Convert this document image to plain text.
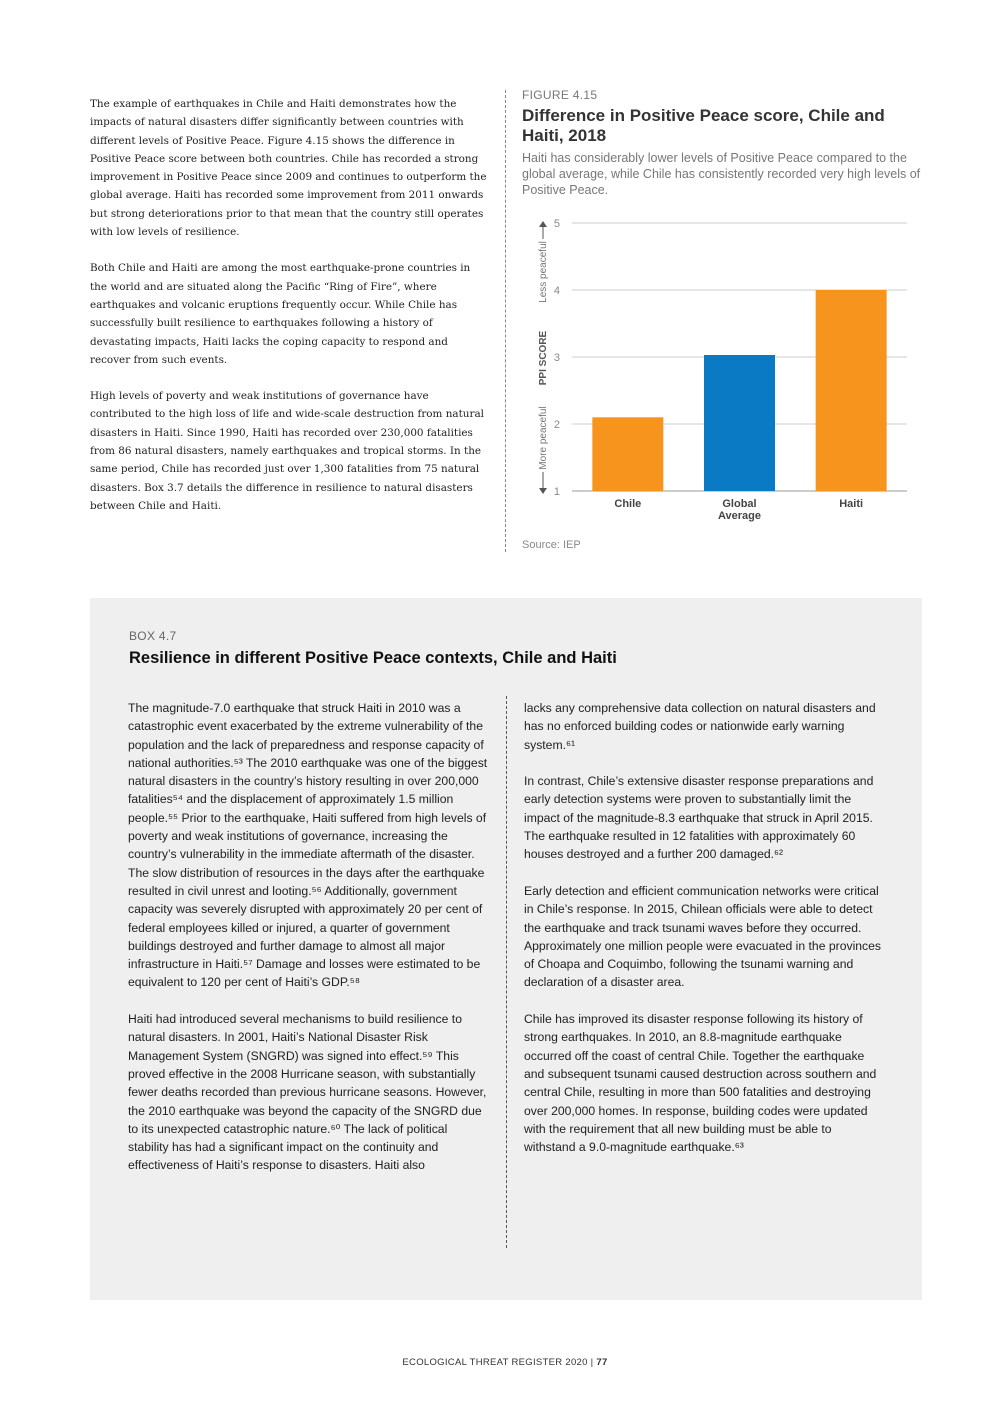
The example of earthquakes in Chile and Haiti demonstrates how the impacts of natural disasters differ significantly between countries with different levels of Positive Peace. Figure 4.15 shows the difference in Positive Peace score between both countries. Chile has recorded a strong improvement in Positive Peace since 2009 and continues to outperform the global average. Haiti has recorded some improvement from 2011 onwards but strong deteriorations prior to that mean that the country still operates with low levels of resilience.

Both Chile and Haiti are among the most earthquake-prone countries in the world and are situated along the Pacific “Ring of Fire”, where earthquakes and volcanic eruptions frequently occur. While Chile has successfully built resilience to earthquakes following a history of devastating impacts, Haiti lacks the coping capacity to respond and recover from such events.

High levels of poverty and weak institutions of governance have contributed to the high loss of life and wide-scale destruction from natural disasters in Haiti. Since 1990, Haiti has recorded over 230,000 fatalities from 86 natural disasters, namely earthquakes and tropical storms. In the same period, Chile has recorded just over 1,300 fatalities from 75 natural disasters. Box 3.7 details the difference in resilience to natural disasters between Chile and Haiti.

FIGURE 4.15
Difference in Positive Peace score, Chile and Haiti, 2018
Haiti has considerably lower levels of Positive Peace compared to the global average, while Chile has consistently recorded very high levels of Positive Peace.
1
2
3
4
5
Chile	Global
Average
Haiti
PPI SCORE
More peaceful
Less peaceful
Source: IEP
BOX 4.7
Resilience in different Positive Peace contexts, Chile and Haiti

The magnitude-7.0 earthquake that struck Haiti in 2010 was a catastrophic event exacerbated by the extreme vulnerability of the population and the lack of preparedness and response capacity of national authorities.⁵³ The 2010 earthquake was one of the biggest natural disasters in the country’s history resulting in over 200,000 fatalities⁵⁴ and the displacement of approximately 1.5 million people.⁵⁵ Prior to the earthquake, Haiti suffered from high levels of poverty and weak institutions of governance, increasing the country’s vulnerability in the immediate aftermath of the disaster. The slow distribution of resources in the days after the earthquake resulted in civil unrest and looting.⁵⁶ Additionally, government capacity was severely disrupted with approximately 20 per cent of federal employees killed or injured, a quarter of government buildings destroyed and further damage to almost all major infrastructure in Haiti.⁵⁷ Damage and losses were estimated to be equivalent to 120 per cent of Haiti’s GDP.⁵⁸

Haiti had introduced several mechanisms to build resilience to natural disasters. In 2001, Haiti’s National Disaster Risk Management System (SNGRD) was signed into effect.⁵⁹ This proved effective in the 2008 Hurricane season, with substantially fewer deaths recorded than previous hurricane seasons. However, the 2010 earthquake was beyond the capacity of the SNGRD due to its unexpected catastrophic nature.⁶⁰ The lack of political stability has had a significant impact on the continuity and effectiveness of Haiti’s response to disasters. Haiti also

lacks any comprehensive data collection on natural disasters and has no enforced building codes or nationwide early warning system.⁶¹

In contrast, Chile’s extensive disaster response preparations and early detection systems were proven to substantially limit the impact of the magnitude-8.3 earthquake that struck in April 2015. The earthquake resulted in 12 fatalities with approximately 60 houses destroyed and a further 200 damaged.⁶²

Early detection and efficient communication networks were critical in Chile’s response. In 2015, Chilean officials were able to detect the earthquake and track tsunami waves before they occurred. Approximately one million people were evacuated in the provinces of Choapa and Coquimbo, following the tsunami warning and declaration of a disaster area.

Chile has improved its disaster response following its history of strong earthquakes. In 2010, an 8.8-magnitude earthquake occurred off the coast of central Chile. Together the earthquake and subsequent tsunami caused destruction across southern and central Chile, resulting in more than 500 fatalities and destroying over 200,000 homes. In response, building codes were updated with the requirement that all new building must be able to withstand a 9.0-magnitude earthquake.⁶³

ECOLOGICAL THREAT REGISTER 2020 | 77
